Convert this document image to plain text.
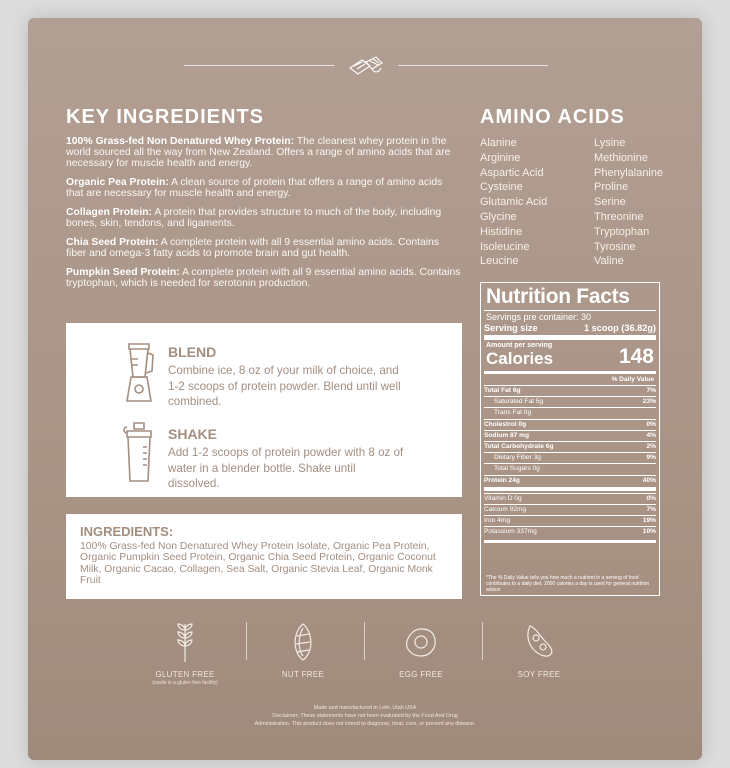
KEY INGREDIENTS
100% Grass-fed Non Denatured Whey Protein: The cleanest whey protein in the world sourced all the way from New Zealand. Offers a range of amino acids that are necessary for muscle health and energy.
Organic Pea Protein: A clean source of protein that offers a range of amino acids that are necessary for muscle health and energy.
Collagen Protein: A protein that provides structure to much of the body, including bones, skin, tendons, and ligaments.
Chia Seed Protein: A complete protein with all 9 essential amino acids. Contains fiber and omega-3 fatty acids to promote brain and gut health.
Pumpkin Seed Protein: A complete protein with all 9 essential amino acids. Contains tryptophan, which is needed for serotonin production.
AMINO ACIDS
Alanine	Lysine
Arginine	Methionine
Aspartic Acid	Phenylalanine
Cysteine	Proline
Glutamic Acid	Serine
Glycine	Threonine
Histidine	Tryptophan
Isoleucine	Tyrosine
Leucine	Valine
BLEND
Combine ice, 8 oz of your milk of choice, and 1-2 scoops of protein powder. Blend until well combined.
SHAKE
Add 1-2 scoops of protein powder with 8 oz of water in a blender bottle. Shake until dissolved.
INGREDIENTS:
100% Grass-fed Non Denatured Whey Protein Isolate, Organic Pea Protein, Organic Pumpkin Seed Protein, Organic Chia Seed Protein, Organic Coconut Milk, Organic Cacao, Collagen, Sea Salt, Organic Stevia Leaf, Organic Monk Fruit
Nutrition Facts
Servings pre container: 30
Serving size	1 scoop (36.82g)
Amount per serving
Calories	148
% Daily Value
Total Fat 6g	7%
Saturated Fat 5g	23%
Trans Fat 0g
Cholestrol 0g	0%
Sodium 87 mg	4%
Total Carbohydrate 6g	2%
Dietary Fiber 3g	9%
Total Sugars 0g
Protein 24g	40%
Vitamin D 0g	0%
Calcium 92mg	7%
Iron 4mg	19%
Potassium 337mg	10%
*The % Daily Value tells you how much a nutrient in a serving of food contributes to a daily diet. 2000 calories a day is used for general nutrition advice
GLUTEN FREE
(made in a gluten free facility)
NUT FREE	EGG FREE	SOY FREE
Made and manufactured in Lehi, Utah USA
Disclaimer: These statements have not been evaluated by the Food And Drug
Administration. This product does not intend to diagnose, treat, cure, or prevent any disease.
